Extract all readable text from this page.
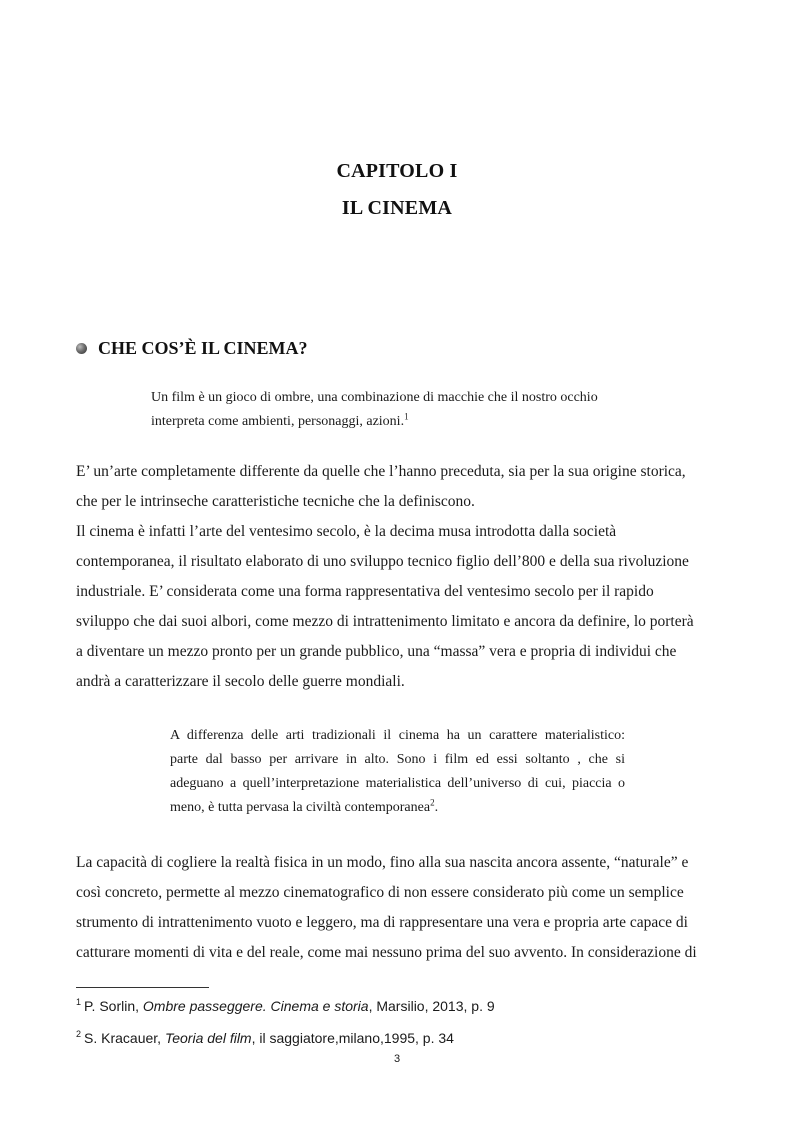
CAPITOLO I
IL CINEMA
CHE COS’È IL CINEMA?
Un film è un gioco di ombre, una combinazione di macchie che il nostro occhio
interpreta come ambienti, personaggi, azioni.$^1$
E’ un’arte completamente differente da quelle che l’hanno preceduta, sia per la sua origine storica,
che per le intrinseche caratteristiche tecniche che la definiscono.
Il cinema è infatti l’arte del ventesimo secolo, è la decima musa introdotta dalla società
contemporanea, il risultato elaborato di uno sviluppo tecnico figlio dell’800 e della sua rivoluzione
industriale. E’ considerata come una forma rappresentativa del ventesimo secolo per il rapido
sviluppo che dai suoi albori, come mezzo di intrattenimento limitato e ancora da definire, lo porterà
a diventare un mezzo pronto per un grande pubblico, una “massa” vera e propria di individui che
andrà a caratterizzare il secolo delle guerre mondiali.
A differenza delle arti tradizionali il cinema ha un carattere materialistico:
parte dal basso per arrivare in alto. Sono i film ed essi soltanto , che si
adeguano a quell’interpretazione materialistica dell’universo di cui, piaccia o
meno, è tutta pervasa la civiltà contemporanea$^2$.
La capacità di cogliere la realtà fisica in un modo, fino alla sua nascita ancora assente, “naturale” e
così concreto, permette al mezzo cinematografico di non essere considerato più come un semplice
strumento di intrattenimento vuoto e leggero, ma di rappresentare una vera e propria arte capace di
catturare momenti di vita e del reale, come mai nessuno prima del suo avvento. In considerazione di
$^1$ P. Sorlin, Ombre passeggere. Cinema e storia, Marsilio, 2013, p. 9
$^2$ S. Kracauer, Teoria del film, il saggiatore,milano,1995, p. 34
3
